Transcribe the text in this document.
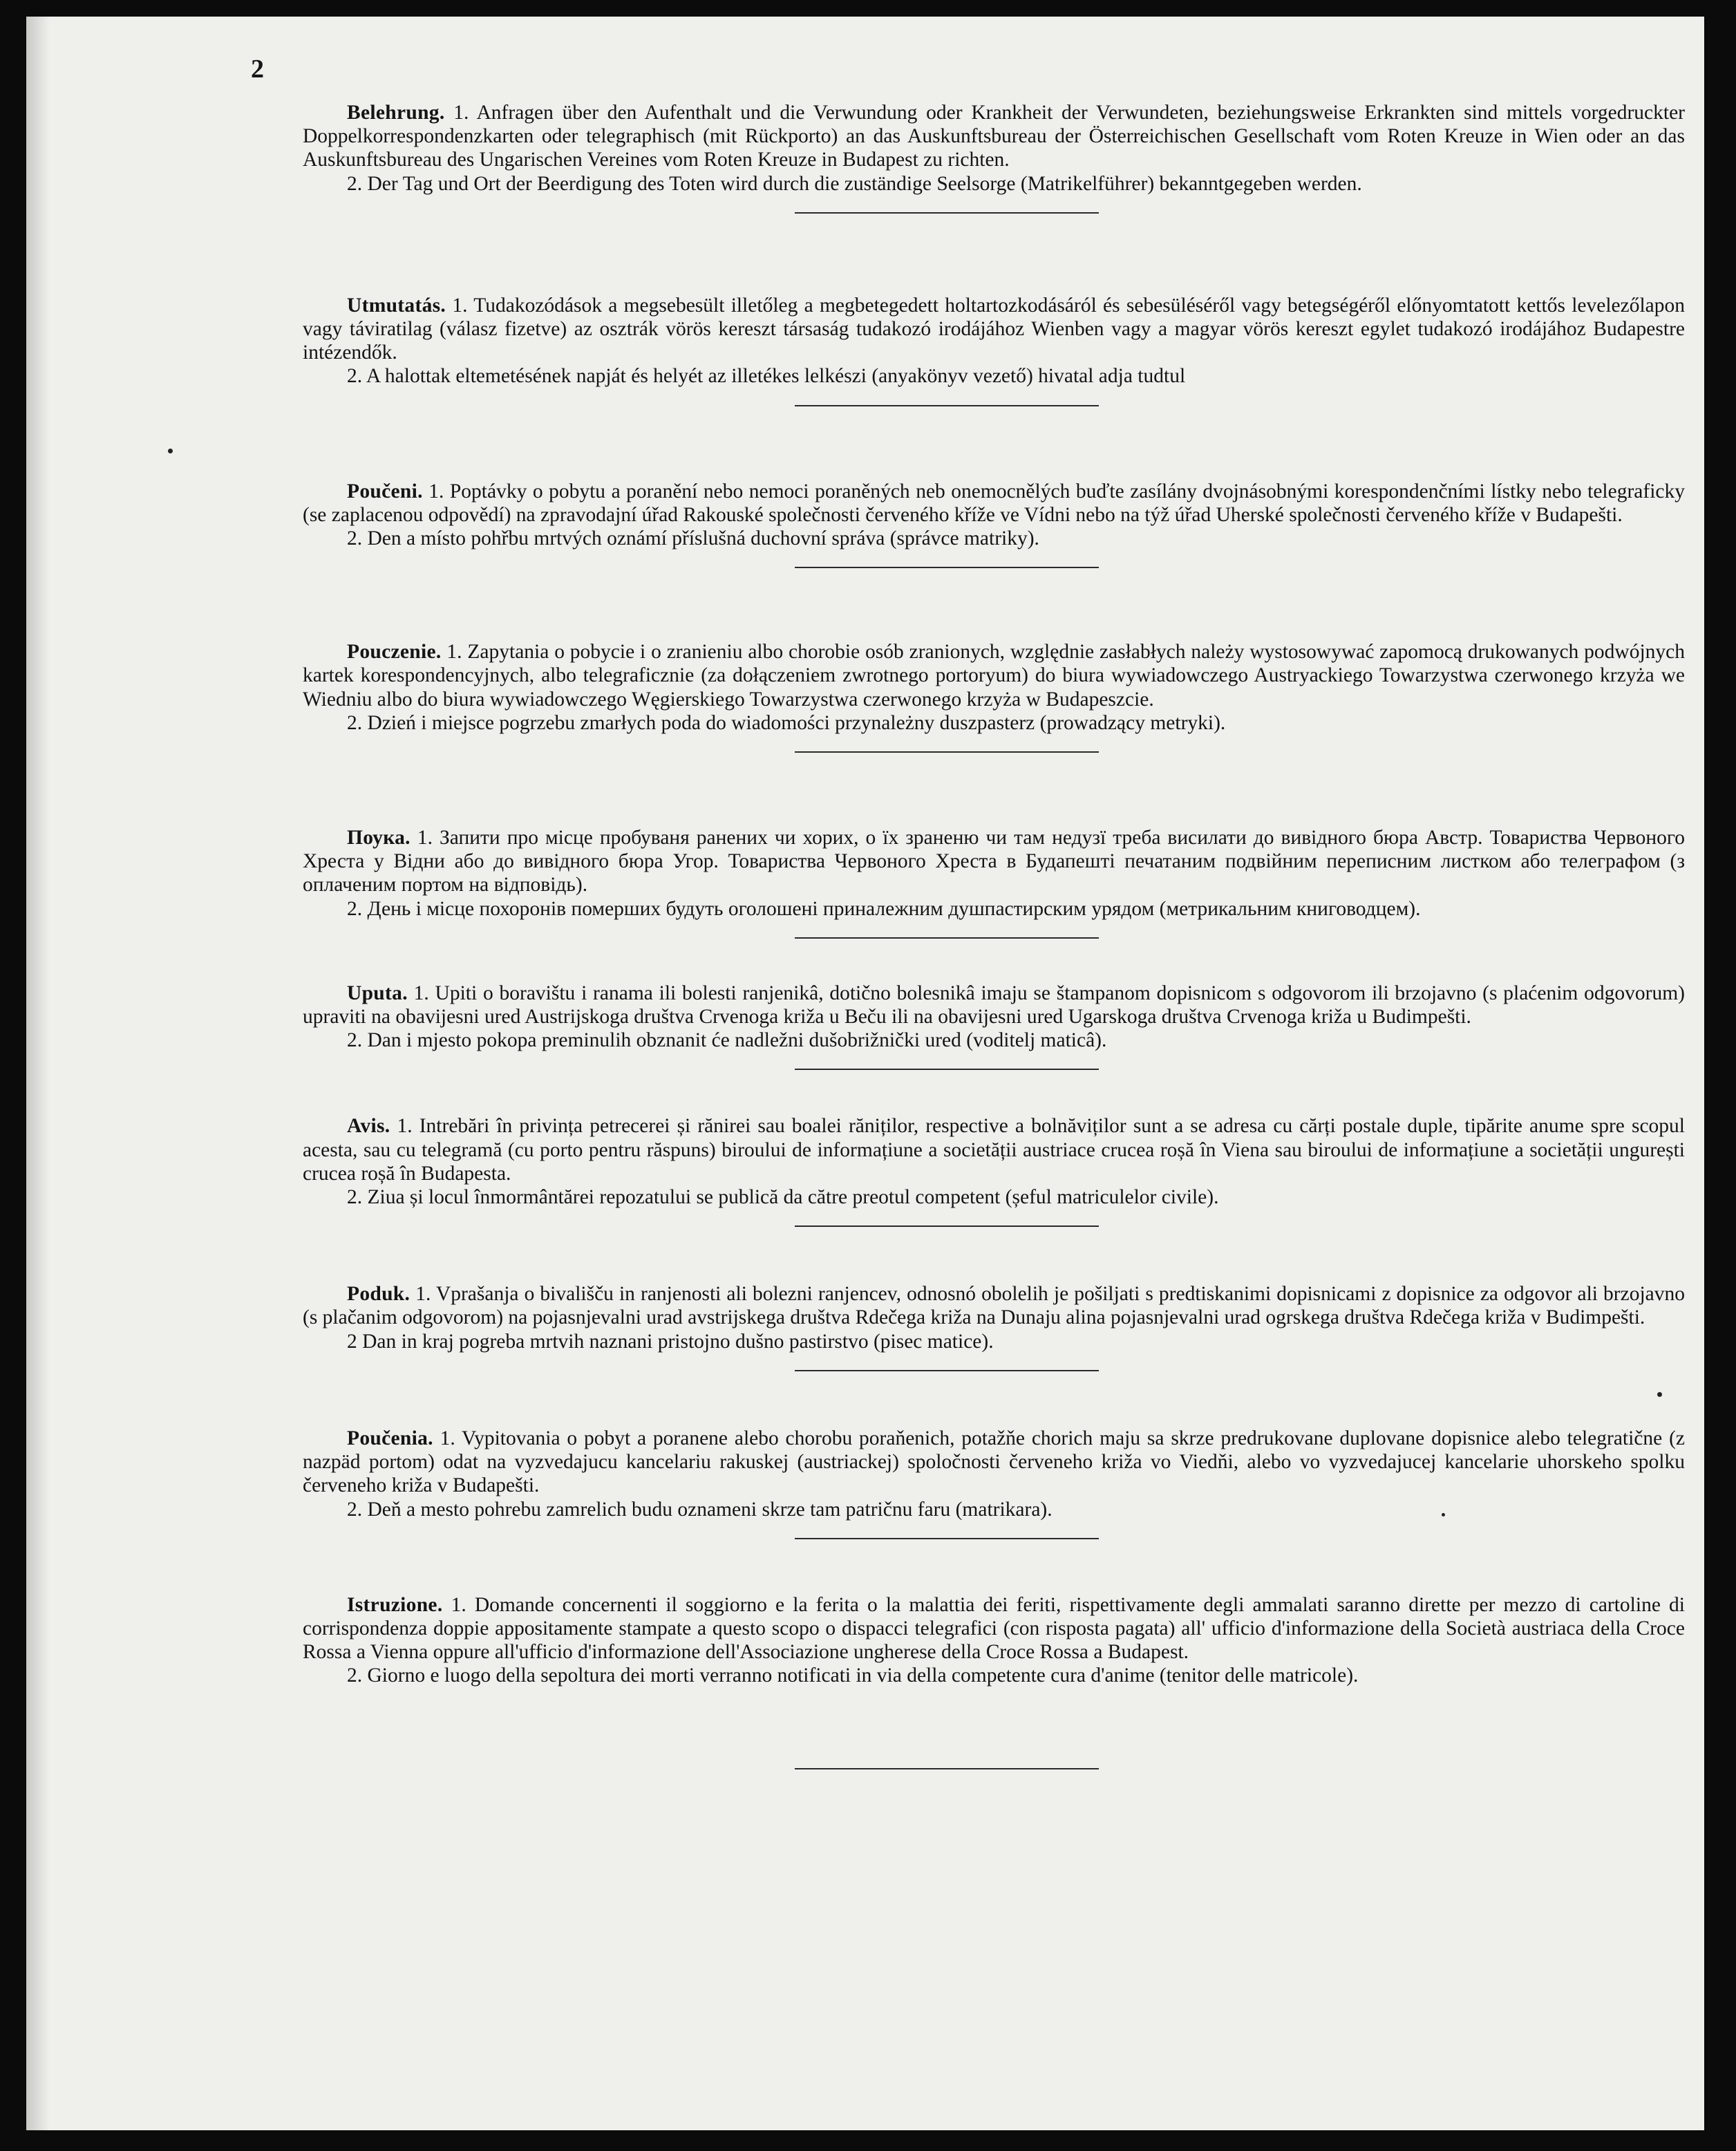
2

Belehrung. 1. Anfragen über den Aufenthalt und die Verwundung oder Krankheit der Verwundeten, beziehungsweise Erkrankten sind mittels vorgedruckter Doppelkorrespondenzkarten oder telegraphisch (mit Rückporto) an das Auskunftsbureau der Österreichischen Gesellschaft vom Roten Kreuze in Wien oder an das Auskunftsbureau des Ungarischen Vereines vom Roten Kreuze in Budapest zu richten.

2. Der Tag und Ort der Beerdigung des Toten wird durch die zuständige Seelsorge (Matrikelführer) bekanntgegeben werden.

Utmutatás. 1. Tudakozódások a megsebesült illetőleg a megbetegedett holtartozkodásáról és sebesüléséről vagy betegségéről előnyomtatott kettős levelezőlapon vagy táviratilag (válasz fizetve) az osztrák vörös kereszt társaság tudakozó irodájához Wienben vagy a magyar vörös kereszt egylet tudakozó irodájához Budapestre intézendők.

2. A halottak eltemetésének napját és helyét az illetékes lelkészi (anyakönyv vezető) hivatal adja tudtul

Poučeni. 1. Poptávky o pobytu a poranění nebo nemoci poraněných neb onemocnělých buďte zasílány dvojnásobnými korespondenčními lístky nebo telegraficky (se zaplacenou odpovědí) na zpravodajní úřad Rakouské společnosti červeného kříže ve Vídni nebo na týž úřad Uherské společnosti červeného kříže v Budapešti.

2. Den a místo pohřbu mrtvých oznámí příslušná duchovní správa (správce matriky).

Pouczenie. 1. Zapytania o pobycie i o zranieniu albo chorobie osób zranionych, względnie zasłabłych należy wystosowywać zapomocą drukowanych podwójnych kartek korespondencyjnych, albo telegraficznie (za dołączeniem zwrotnego portoryum) do biura wywiadowczego Austryackiego Towarzystwa czerwonego krzyża we Wiedniu albo do biura wywiadowczego Węgierskiego Towarzystwa czerwonego krzyża w Budapeszcie.

2. Dzień i miejsce pogrzebu zmarłych poda do wiadomości przynależny duszpasterz (prowadzący metryki).

Поука. 1. Запити про місце пробуваня ранених чи хорих, о їх зраненю чи там недузї треба висилати до вивідного бюра Австр. Товариства Червоного Хреста у Відни або до вивідного бюра Угор. Товариства Червоного Хреста в Будапешті печатаним подвійним переписним листком або телеграфом (з оплаченим портом на відповідь).

2. День і місце похоронів померших будуть оголошені приналежним душпастирским урядом (метрикальним книговодцем).

Uputa. 1. Upiti o boravištu i ranama ili bolesti ranjenikâ, dotično bolesnikâ imaju se štampanom dopisnicom s odgovorom ili brzojavno (s plaćenim odgovorum) upraviti na obavijesni ured Austrijskoga društva Crvenoga križa u Beču ili na obavijesni ured Ugarskoga društva Crvenoga križa u Budimpešti.

2. Dan i mjesto pokopa preminulih obznanit će nadležni dušobrižnički ured (voditelj maticâ).

Avis. 1. Intrebări în privința petrecerei și rănirei sau boalei răniților, respective a bolnăviților sunt a se adresa cu cărți postale duple, tipărite anume spre scopul acesta, sau cu telegramă (cu porto pentru răspuns) biroului de informațiune a societății austriace crucea roșă în Viena sau biroului de informațiune a societății ungurești crucea roșă în Budapesta.

2. Ziua și locul înmormântărei repozatului se publică da către preotul competent (șeful matriculelor civile).

Poduk. 1. Vprašanja o bivališču in ranjenosti ali bolezni ranjencev, odnosnó obolelih je pošiljati s predtiskanimi dopisnicami z dopisnice za odgovor ali brzojavno (s plačanim odgovorom) na pojasnjevalni urad avstrijskega društva Rdečega križa na Dunaju alina pojasnjevalni urad ogrskega društva Rdečega križa v Budimpešti.

2 Dan in kraj pogreba mrtvih naznani pristojno dušno pastirstvo (pisec matice).

Poučenia. 1. Vypitovania o pobyt a poranene alebo chorobu poraňenich, potažňe chorich maju sa skrze predrukovane duplovane dopisnice alebo telegratične (z nazpäd portom) odat na vyzvedajucu kancelariu rakuskej (austriackej) spoločnosti červeneho križa vo Viedňi, alebo vo vyzvedajucej kancelarie uhorskeho spolku červeneho križa v Budapešti.

2. Deň a mesto pohrebu zamrelich budu oznameni skrze tam patričnu faru (matrikara).

Istruzione. 1. Domande concernenti il soggiorno e la ferita o la malattia dei feriti, rispettivamente degli ammalati saranno dirette per mezzo di cartoline di corrispondenza doppie appositamente stampate a questo scopo o dispacci telegrafici (con risposta pagata) all' ufficio d'informazione della Società austriaca della Croce Rossa a Vienna oppure all'ufficio d'informazione dell'Associazione ungherese della Croce Rossa a Budapest.

2. Giorno e luogo della sepoltura dei morti verranno notificati in via della competente cura d'anime (tenitor delle matricole).
